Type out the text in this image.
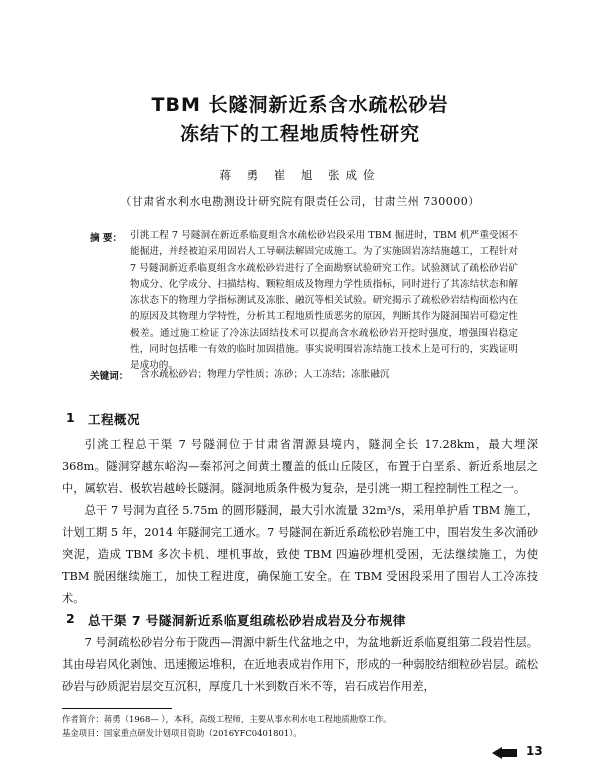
TBM 长隧洞新近系含水疏松砂岩
冻结下的工程地质特性研究
蒋 勇 崔 旭 张成俭
（甘肃省水利水电勘测设计研究院有限责任公司，甘肃兰州 730000）
摘 要： 引洮工程 7 号隧洞在新近系临夏组含水疏松砂岩段采用 TBM 掘进时，TBM 机严重受困不能掘进，并经被迫采用固岩人工导硐法解固完成施工。为了实施固岩冻结施越工，工程针对 7 号隧洞新近系临夏组含水疏松砂岩进行了全面勘察试验研究工作。试验测试了疏松砂岩矿物成分、化学成分、扫描结构、颗粒组成及物理力学性质指标，同时进行了其冻结状态和解冻状态下的物理力学指标测试及冻胀、融沉等相关试验。研究揭示了疏松砂岩结构面松内在的原因及其物理力学特性，分析其工程地质性质恶劣的原因，判断其作为隧洞围岩可稳定性极差。通过施工检证了冷冻法固结技术可以提高含水疏松砂岩开挖时强度，增强围岩稳定性，同时包括唯一有效的临时加固措施。事实说明围岩冻结施工技术上是可行的，实践证明是成功的。
关键词： 含水疏松砂岩；物理力学性质；冻砂；人工冻结；冻胀融沉
1 工程概况
引洮工程总干渠 7 号隧洞位于甘肃省渭源县境内，隧洞全长 17.28km，最大埋深 368m。隧洞穿越东峪沟—秦祁河之间黄土覆盖的低山丘陵区，布置于白垩系、新近系地层之中，属软岩、极软岩越岭长隧洞。隧洞地质条件极为复杂，是引洮一期工程控制性工程之一。
总干 7 号洞为直径 5.75m 的圆形隧洞，最大引水流量 32m³/s，采用单护盾 TBM 施工，计划工期 5 年，2014 年隧洞完工通水。7 号隧洞在新近系疏松砂岩施工中，围岩发生多次涌砂突泥，造成 TBM 多次卡机、埋机事故，致使 TBM 四遍砂埋机受困，无法继续施工，为使 TBM 脱困继续施工，加快工程进度，确保施工安全。在 TBM 受困段采用了围岩人工冷冻技术。
2 总干渠 7 号隧洞新近系临夏组疏松砂岩成岩及分布规律
7 号洞疏松砂岩分布于陇西—渭源中新生代盆地之中，为盆地新近系临夏组第二段岩性层。其由母岩风化剥蚀、迅速搬运堆积，在近地表成岩作用下，形成的一种弱胶结细粒砂岩层。疏松砂岩与砂质泥岩层交互沉积，厚度几十米到数百米不等，岩石成岩作用差，
作者简介：蒋勇（1968— ），本科，高级工程师，主要从事水利水电工程地质勘察工作。
基金项目：国家重点研发计划项目资助（2016YFC0401801）。
13
